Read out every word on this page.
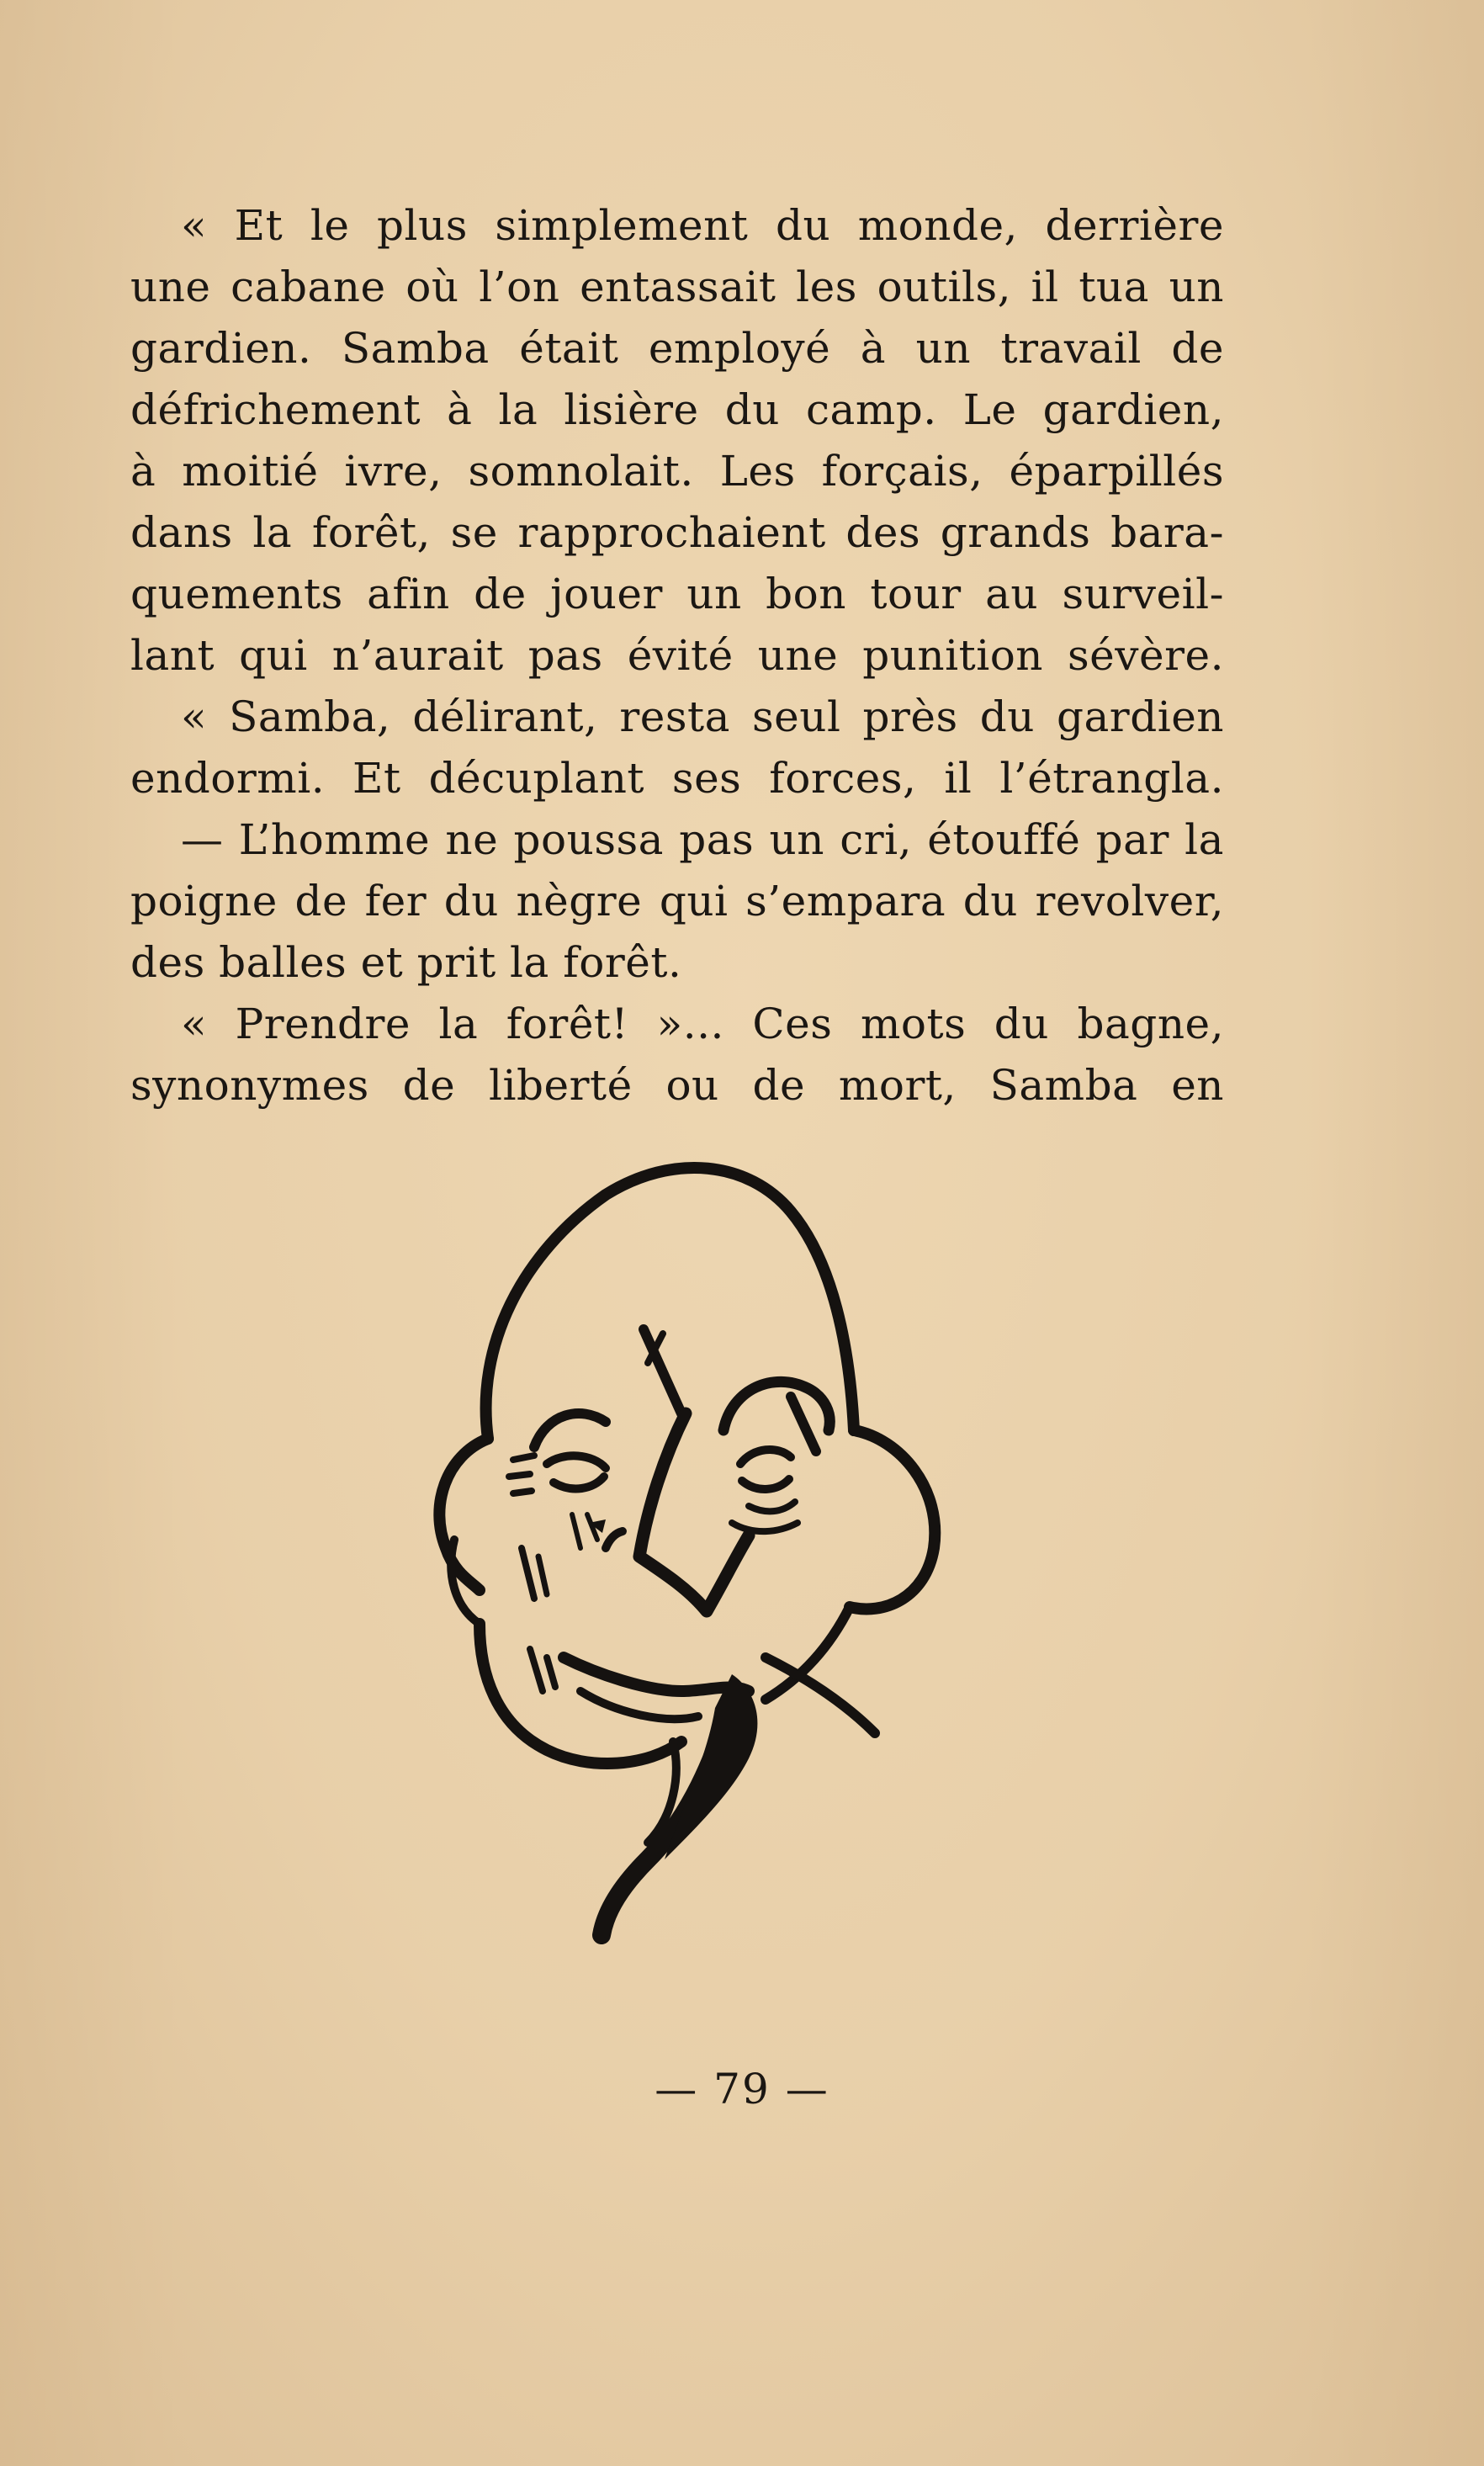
« Et le plus simplement du monde, derrière
une cabane où l’on entassait les outils, il tua un
gardien. Samba était employé à un travail de
défrichement à la lisière du camp. Le gardien,
à moitié ivre, somnolait. Les forçais, éparpillés
dans la forêt, se rapprochaient des grands bara-
quements afin de jouer un bon tour au surveil-
lant qui n’aurait pas évité une punition sévère.
« Samba, délirant, resta seul près du gardien
endormi. Et décuplant ses forces, il l’étrangla.
— L’homme ne poussa pas un cri, étouffé par la
poigne de fer du nègre qui s’empara du revolver,
des balles et prit la forêt.
« Prendre la forêt! »... Ces mots du bagne,
synonymes de liberté ou de mort, Samba en
— 79 —
